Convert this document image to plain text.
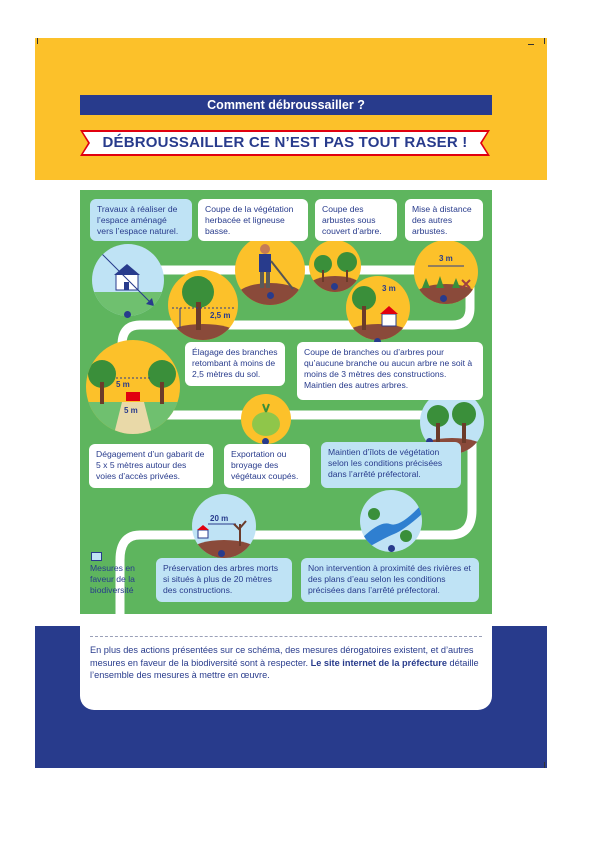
Comment débroussailler ?
DÉBROUSSAILLER CE N’EST PAS TOUT RASER !
3 m
2,5 m
3 m
5 m
5 m
20 m
Travaux à réaliser de l’espace aménagé vers l’espace naturel.
Coupe de la végétation herbacée et ligneuse basse.
Coupe des arbustes sous couvert d’arbre.
Mise à distance des autres arbustes.
Élagage des branches retombant à moins de 2,5 mètres du sol.
Coupe de branches ou d’arbres pour qu’aucune branche ou aucun arbre ne soit à moins de 3 mètres des constructions. Maintien des autres arbres.
Dégagement d’un gabarit de 5 x 5 mètres autour des voies d’accès privées.
Exportation ou broyage des végétaux coupés.
Maintien d’îlots de végétation selon les conditions précisées dans l’arrêté préfectoral.
Préservation des arbres morts si situés à plus de 20 mètres des constructions.
Non intervention à proximité des rivières et des plans d’eau selon les conditions précisées dans l’arrêté préfectoral.
Mesures en faveur de la biodiversité
En plus des actions présentées sur ce schéma, des mesures dérogatoires existent, et d’autres mesures en faveur de la biodiversité sont à respecter. Le site internet de la préfecture détaille l’ensemble des mesures à mettre en œuvre.
